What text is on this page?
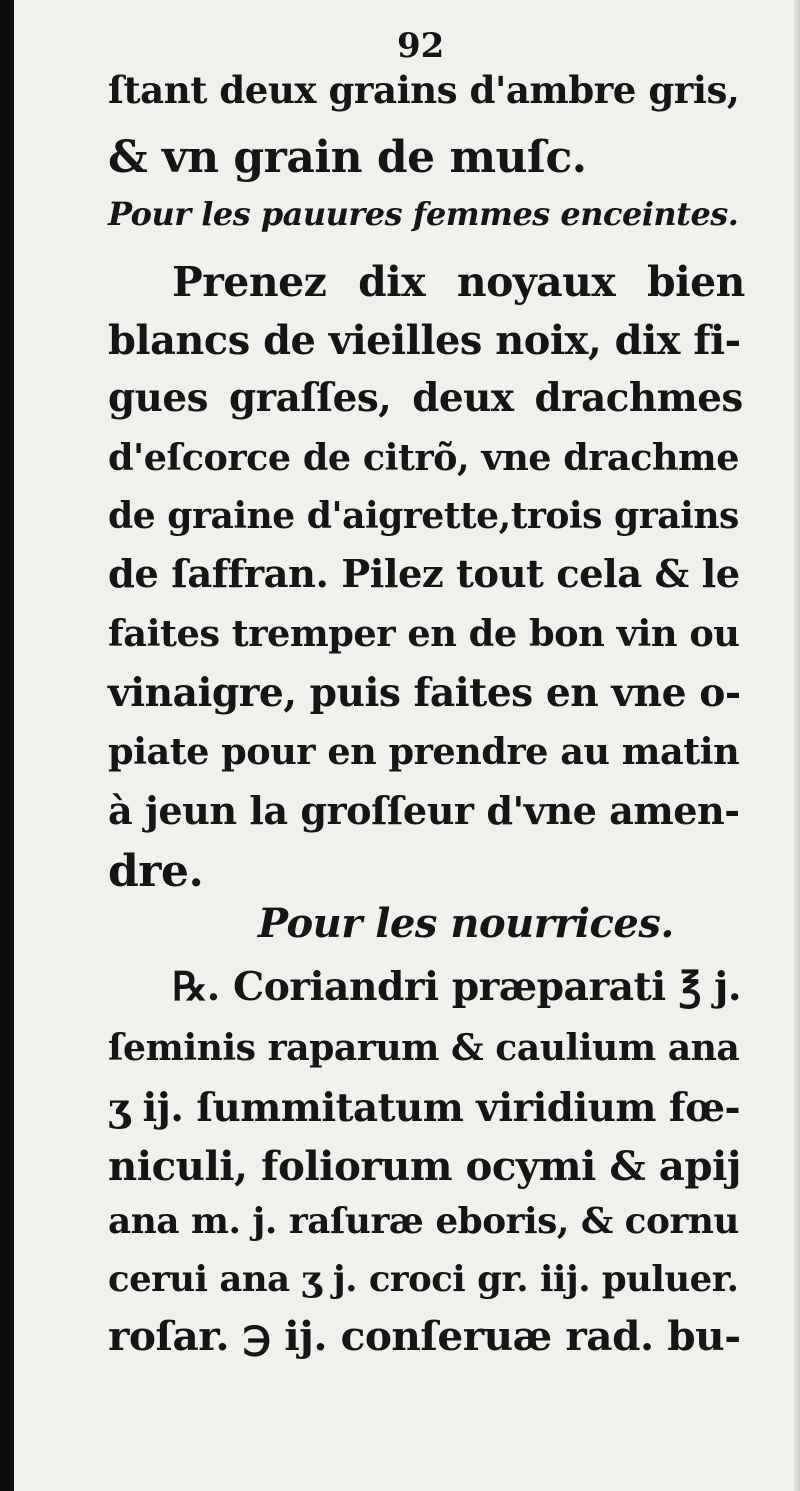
92
ſtant deux grains d'ambre gris,
& vn grain de muſc.
Pour les pauures femmes enceintes.
Prenez dix noyaux bien
blancs de vieilles noix, dix fi-
gues graſſes, deux drachmes
d'eſcorce de citrõ, vne drachme
de graine d'aigrette,trois grains
de ſaffran. Pilez tout cela & le
faites tremper en de bon vin ou
vinaigre, puis faites en vne o-
piate pour en prendre au matin
à jeun la groſſeur d'vne amen-
dre.
Pour les nourrices.
℞. Coriandri præparati ℥ j.
ſeminis raparum & caulium ana
ʒ ij. ſummitatum viridium fœ-
niculi, foliorum ocymi & apij
ana m. j. raſuræ eboris, & cornu
cerui ana ʒ j. croci gr. iij. puluer.
roſar. ℈ ij. conſeruæ rad. bu-
